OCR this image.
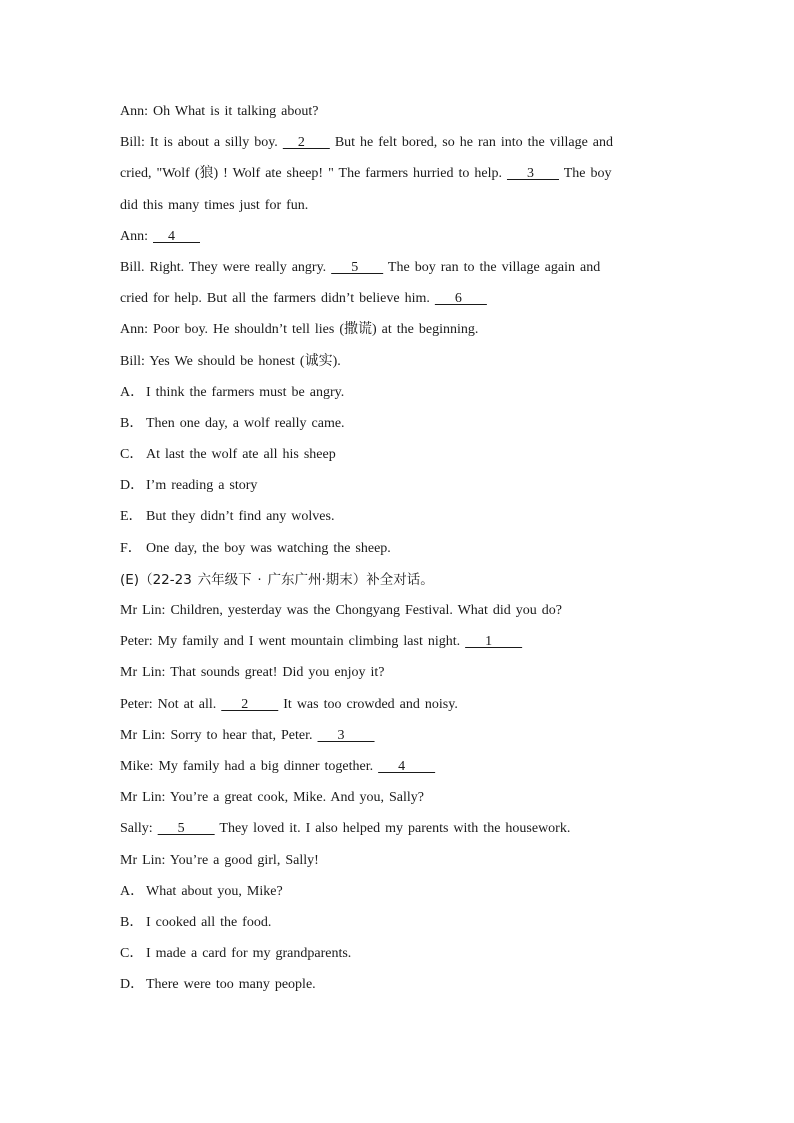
Ann: Oh What is it talking about?
Bill: It is about a silly boy.    2      But he felt bored, so he ran into the village and
cried, "Wolf (狼) ! Wolf ate sheep! " The farmers hurried to help.     3      The boy
did this many times just for fun.
Ann:    4
Bill. Right. They were really angry.     5      The boy ran to the village again and
cried for help. But all the farmers didn’t believe him.     6
Ann: Poor boy. He shouldn’t tell lies (撒谎) at the beginning.
Bill: Yes We should be honest (诚实).
A． I think the farmers must be angry.
B． Then one day, a wolf really came.
C． At last the wolf ate all his sheep
D． I’m reading a story
E． But they didn’t find any wolves.
F． One day, the boy was watching the sheep.
(E)（22-23 六年级下 · 广东广州·期末）补全对话。
Mr Lin: Children, yesterday was the Chongyang Festival. What did you do?
Peter: My family and I went mountain climbing last night.     1
Mr Lin: That sounds great! Did you enjoy it?
Peter: Not at all.     2       It was too crowded and noisy.
Mr Lin: Sorry to hear that, Peter.     3
Mike: My family had a big dinner together.     4
Mr Lin: You’re a great cook, Mike. And you, Sally?
Sally:     5       They loved it. I also helped my parents with the housework.
Mr Lin: You’re a good girl, Sally!
A． What about you, Mike?
B． I cooked all the food.
C． I made a card for my grandparents.
D． There were too many people.
